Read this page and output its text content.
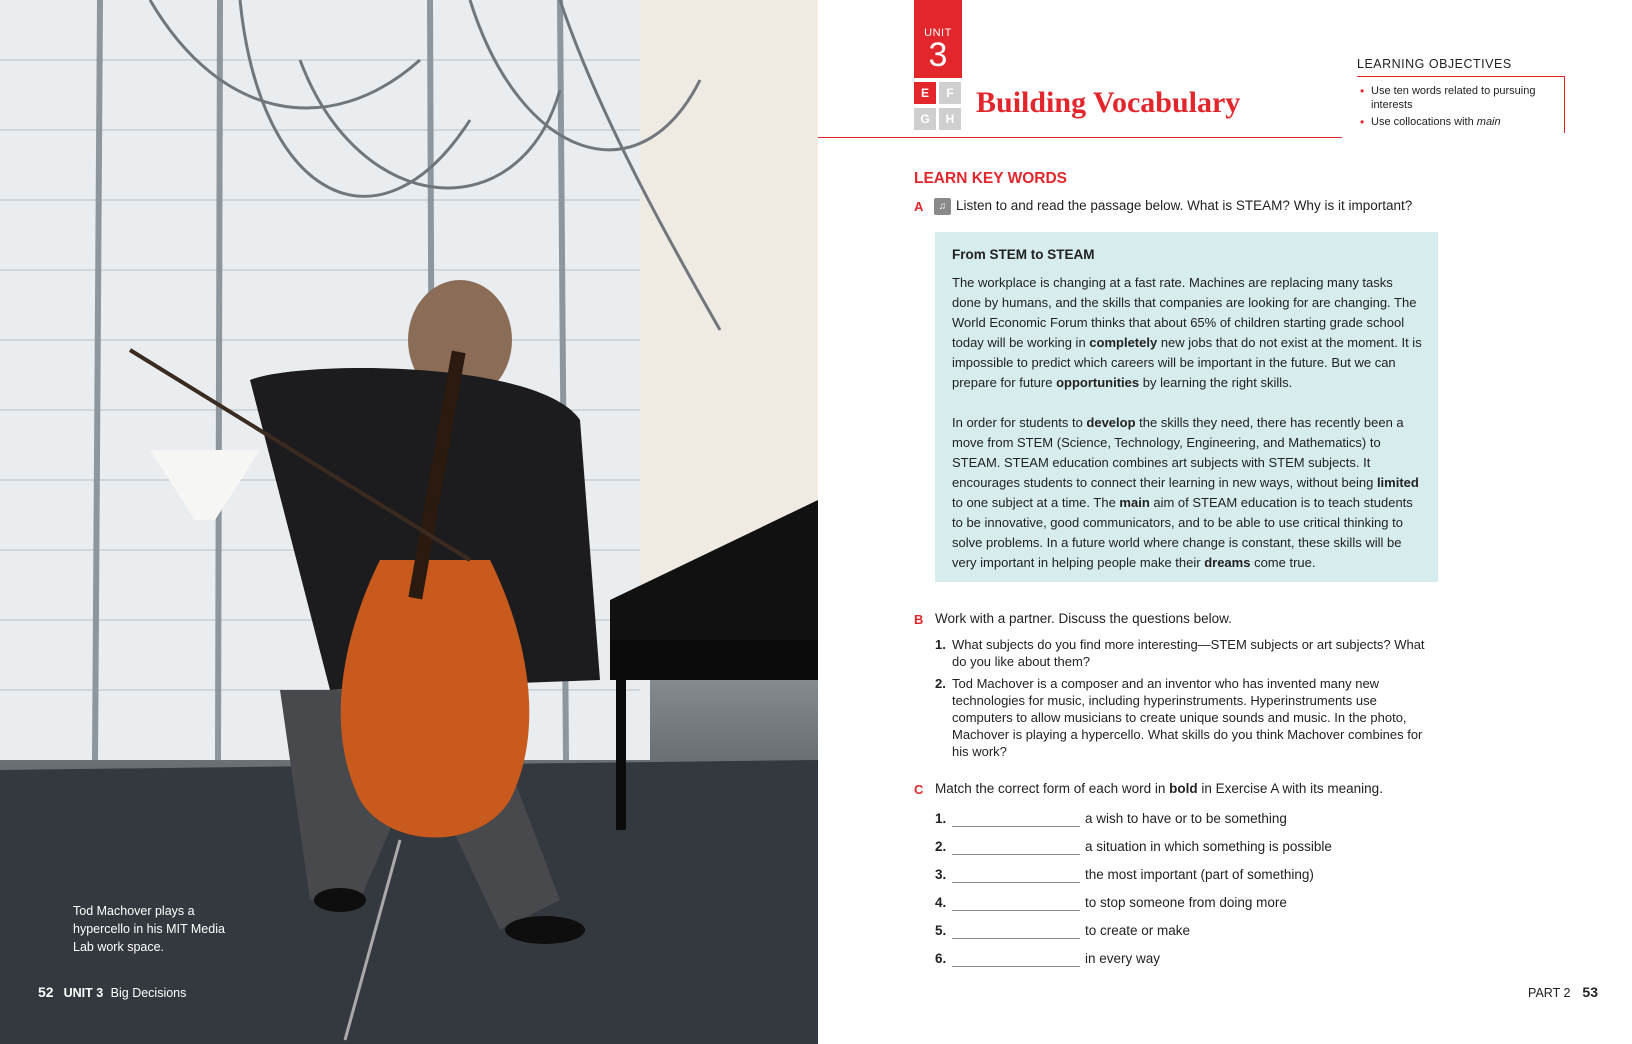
Tod Machover plays a hypercello in his MIT Media Lab work space.
52 UNIT 3 Big Decisions
UNIT
3
E	F
G	H Building Vocabulary
LEARNING OBJECTIVES
• Use ten words related to pursuing interests
• Use collocations with main
LEARN KEY WORDS
A	♫ Listen to and read the passage below. What is STEAM? Why is it important?
From STEM to STEAM

The workplace is changing at a fast rate. Machines are replacing many tasks done by humans, and the skills that companies are looking for are changing. The World Economic Forum thinks that about 65% of children starting grade school today will be working in completely new jobs that do not exist at the moment. It is impossible to predict which careers will be important in the future. But we can prepare for future opportunities by learning the right skills.

In order for students to develop the skills they need, there has recently been a move from STEM (Science, Technology, Engineering, and Mathematics) to STEAM. STEAM education combines art subjects with STEM subjects. It encourages students to connect their learning in new ways, without being limited to one subject at a time. The main aim of STEAM education is to teach students to be innovative, good communicators, and to be able to use critical thinking to solve problems. In a future world where change is constant, these skills will be very important in helping people make their dreams come true.

B Work with a partner. Discuss the questions below.
1. What subjects do you find more interesting—STEM subjects or art subjects? What do you like about them?
2. Tod Machover is a composer and an inventor who has invented many new technologies for music, including hyperinstruments. Hyperinstruments use computers to allow musicians to create unique sounds and music. In the photo, Machover is playing a hypercello. What skills do you think Machover combines for his work?
C Match the correct form of each word in bold in Exercise A with its meaning.
1.	a wish to have or to be something
2.	a situation in which something is possible
3.	the most important (part of something)
4.	to stop someone from doing more
5.	to create or make
6.	in every way
PART 2 53
